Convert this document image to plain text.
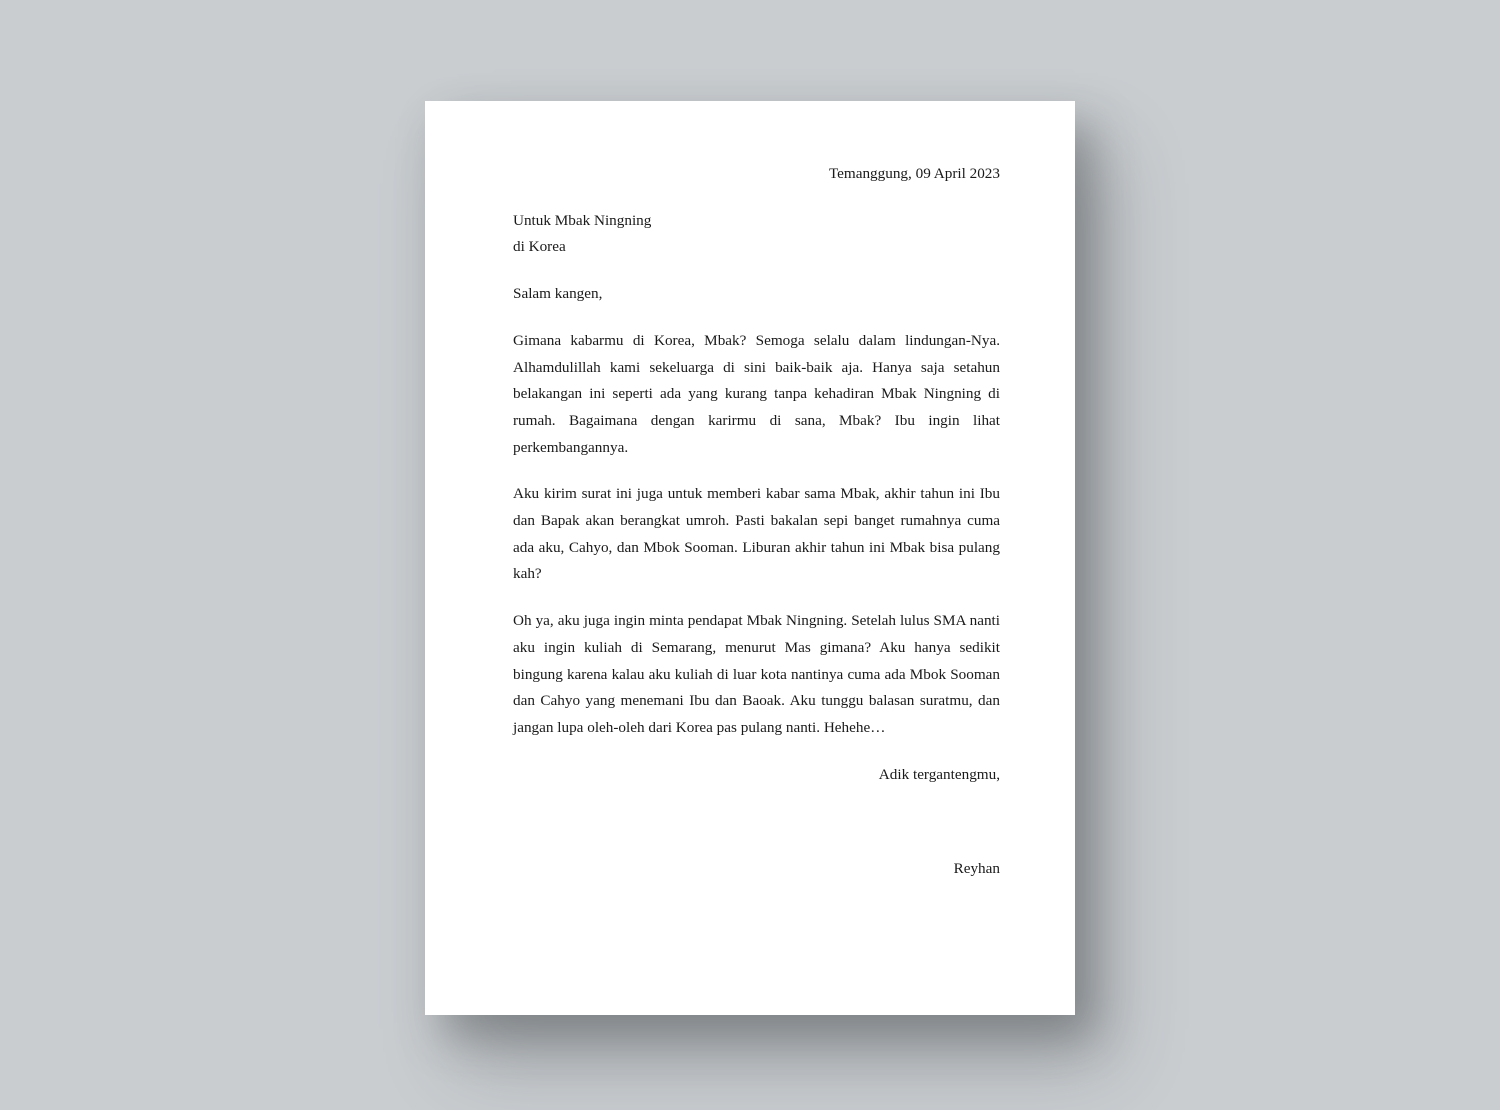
Temanggung, 09 April 2023

Untuk Mbak Ningning
di Korea

Salam kangen,

Gimana kabarmu di Korea, Mbak? Semoga selalu dalam lindungan-Nya. Alhamdulillah kami sekeluarga di sini baik-baik aja. Hanya saja setahun belakangan ini seperti ada yang kurang tanpa kehadiran Mbak Ningning di rumah. Bagaimana dengan karirmu di sana, Mbak? Ibu ingin lihat perkembangannya.

Aku kirim surat ini juga untuk memberi kabar sama Mbak, akhir tahun ini Ibu dan Bapak akan berangkat umroh. Pasti bakalan sepi banget rumahnya cuma ada aku, Cahyo, dan Mbok Sooman. Liburan akhir tahun ini Mbak bisa pulang kah?

Oh ya, aku juga ingin minta pendapat Mbak Ningning. Setelah lulus SMA nanti aku ingin kuliah di Semarang, menurut Mas gimana? Aku hanya sedikit bingung karena kalau aku kuliah di luar kota nantinya cuma ada Mbok Sooman dan Cahyo yang menemani Ibu dan Baoak. Aku tunggu balasan suratmu, dan jangan lupa oleh-oleh dari Korea pas pulang nanti. Hehehe…

Adik tergantengmu,

Reyhan
